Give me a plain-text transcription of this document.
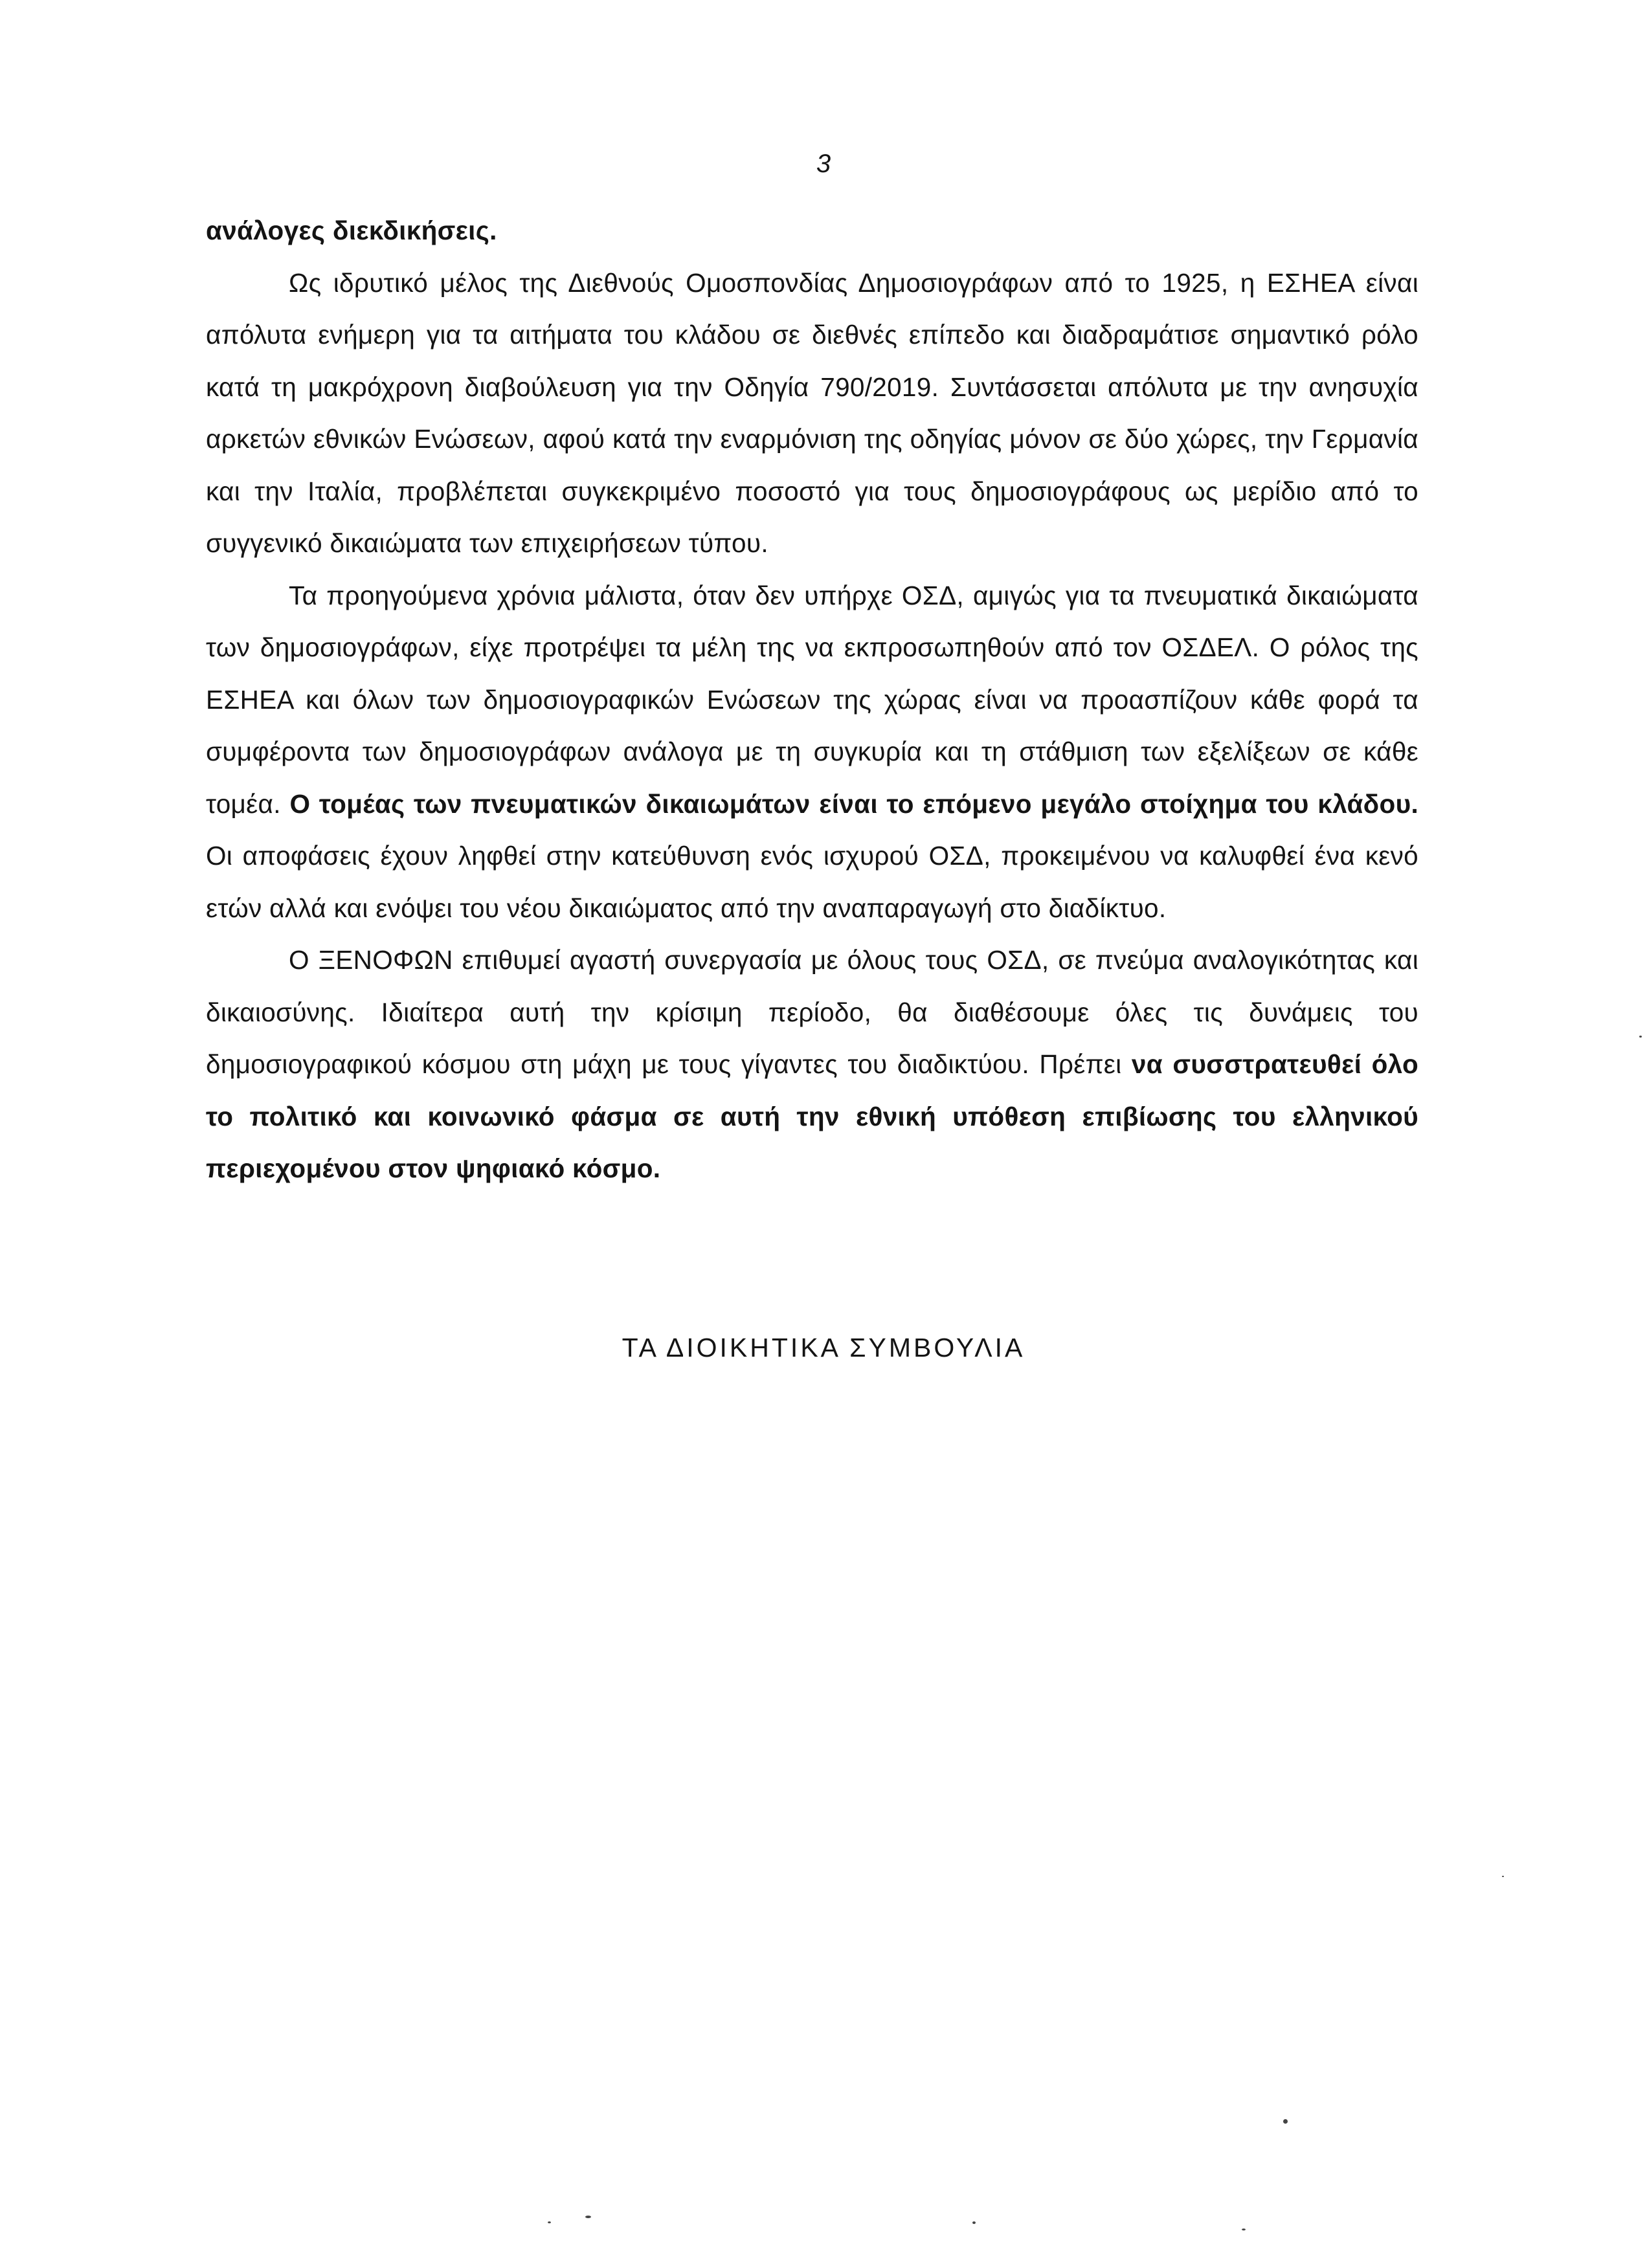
3

ανάλογες διεκδικήσεις.

Ως ιδρυτικό μέλος της Διεθνούς Ομοσπονδίας Δημοσιογράφων από το 1925, η ΕΣΗΕΑ είναι απόλυτα ενήμερη για τα αιτήματα του κλάδου σε διεθνές επίπεδο και διαδραμάτισε σημαντικό ρόλο κατά τη μακρόχρονη διαβούλευση για την Οδηγία 790/2019. Συντάσσεται απόλυτα με την ανησυχία αρκετών εθνικών Ενώσεων, αφού κατά την εναρμόνιση της οδηγίας μόνον σε δύο χώρες, την Γερμανία και την Ιταλία, προβλέπεται συγκεκριμένο ποσοστό για τους δημοσιογράφους ως μερίδιο από το συγγενικό δικαιώματα των επιχειρήσεων τύπου.

Τα προηγούμενα χρόνια μάλιστα, όταν δεν υπήρχε ΟΣΔ, αμιγώς για τα πνευματικά δικαιώματα των δημοσιογράφων, είχε προτρέψει τα μέλη της να εκπροσωπηθούν από τον ΟΣΔΕΛ. Ο ρόλος της ΕΣΗΕΑ και όλων των δημοσιογραφικών Ενώσεων της χώρας είναι να προασπίζουν κάθε φορά τα συμφέροντα των δημοσιογράφων ανάλογα με τη συγκυρία και τη στάθμιση των εξελίξεων σε κάθε τομέα. Ο τομέας των πνευματικών δικαιωμάτων είναι το επόμενο μεγάλο στοίχημα του κλάδου. Οι αποφάσεις έχουν ληφθεί στην κατεύθυνση ενός ισχυρού ΟΣΔ, προκειμένου να καλυφθεί ένα κενό ετών αλλά και ενόψει του νέου δικαιώματος από την αναπαραγωγή στο διαδίκτυο.

Ο ΞΕΝΟΦΩΝ επιθυμεί αγαστή συνεργασία με όλους τους ΟΣΔ, σε πνεύμα αναλογικότητας και δικαιοσύνης. Ιδιαίτερα αυτή την κρίσιμη περίοδο, θα διαθέσουμε όλες τις δυνάμεις του δημοσιογραφικού κόσμου στη μάχη με τους γίγαντες του διαδικτύου. Πρέπει να συσστρατευθεί όλο το πολιτικό και κοινωνικό φάσμα σε αυτή την εθνική υπόθεση επιβίωσης του ελληνικού περιεχομένου στον ψηφιακό κόσμο.

ΤΑ ΔΙΟΙΚΗΤΙΚΑ ΣΥΜΒΟΥΛΙΑ
